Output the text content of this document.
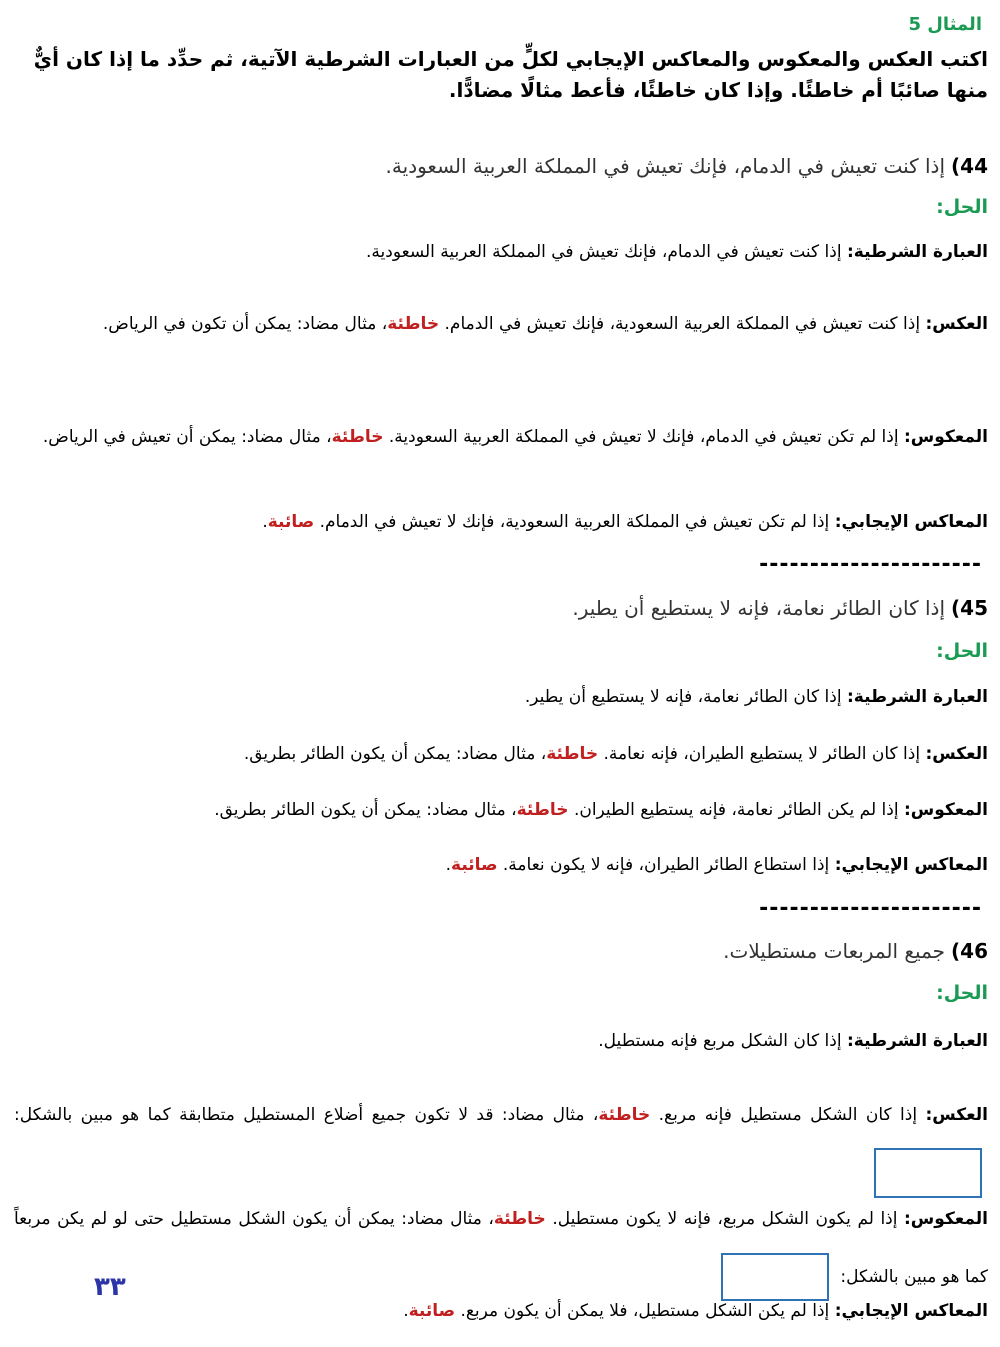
المثال 5
اكتب العكس والمعكوس والمعاكس الإيجابي لكلٍّ من العبارات الشرطية الآتية، ثم حدِّد ما إذا كان أيٌّ منها صائبًا أم خاطئًا. وإذا كان خاطئًا، فأعط مثالًا مضادًّا.
44)إذا كنت تعيش في الدمام، فإنك تعيش في المملكة العربية السعودية.
الحل:
العبارة الشرطية: إذا كنت تعيش في الدمام، فإنك تعيش في المملكة العربية السعودية.
العكس: إذا كنت تعيش في المملكة العربية السعودية، فإنك تعيش في الدمام. خاطئة، مثال مضاد: يمكن أن تكون في الرياض.
المعكوس: إذا لم تكن تعيش في الدمام، فإنك لا تعيش في المملكة العربية السعودية. خاطئة، مثال مضاد: يمكن أن تعيش في الرياض.
المعاكس الإيجابي: إذا لم تكن تعيش في المملكة العربية السعودية، فإنك لا تعيش في الدمام. صائبة.
----------------------
45)إذا كان الطائر نعامة، فإنه لا يستطيع أن يطير.
الحل:
العبارة الشرطية: إذا كان الطائر نعامة، فإنه لا يستطيع أن يطير.
العكس: إذا كان الطائر لا يستطيع الطيران، فإنه نعامة. خاطئة، مثال مضاد: يمكن أن يكون الطائر بطريق.
المعكوس: إذا لم يكن الطائر نعامة، فإنه يستطيع الطيران. خاطئة، مثال مضاد: يمكن أن يكون الطائر بطريق.
المعاكس الإيجابي: إذا استطاع الطائر الطيران، فإنه لا يكون نعامة. صائبة.
----------------------
46)جميع المربعات مستطيلات.
الحل:
العبارة الشرطية: إذا كان الشكل مربع فإنه مستطيل.
العكس: إذا كان الشكل مستطيل فإنه مربع. خاطئة، مثال مضاد: قد لا تكون جميع أضلاع المستطيل متطابقة كما هو مبين بالشكل:
المعكوس: إذا لم يكون الشكل مربع، فإنه لا يكون مستطيل. خاطئة، مثال مضاد: يمكن أن يكون الشكل مستطيل حتى لو لم يكن مربعاً كما هو مبين بالشكل:
المعاكس الإيجابي: إذا لم يكن الشكل مستطيل، فلا يمكن أن يكون مربع. صائبة.
٣٣
